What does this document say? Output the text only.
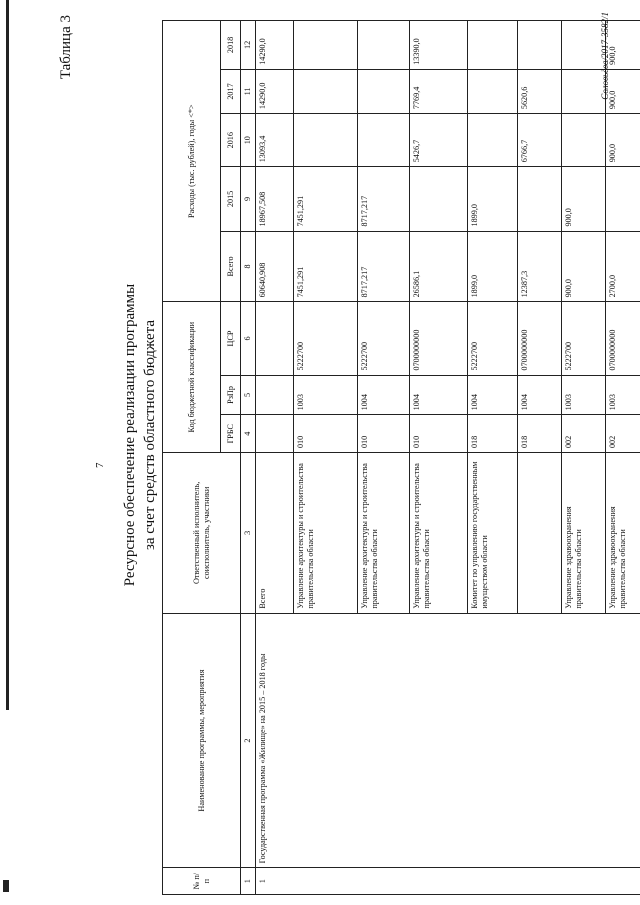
7
Таблица 3
Ресурсное обеспечение реализации программы за счет средств областного бюджета
№ п/п	Наименование программы, мероприятия	Ответственный исполнитель, соисполнитель, участники	Код бюджетной классификации			Расходы (тыс. рублей), годы <*>				
			ГРБС	РзПр	ЦСР	Всего	2015	2016	2017	2018
1	2	3	4	5	6	8	9	10	11	12
1	Государственная программа «Жилище» на 2015 – 2018 годы	Всего				60640,908	18967,508	13093,4	14290,0	14290,0
		Управление архитектуры и строительства правительства области	010	1003	5222700	7451,291	7451,291			
		Управление архитектуры и строительства правительства области	010	1004	5222700	8717,217	8717,217			
		Управление архитектуры и строительства правительства области	010	1004	0700000000	26586,1		5426,7	7769,4	13390,0
		Комитет по управлению государственным имуществом области	018	1004	5222700	1899,0	1899,0			
			018	1004	0700000000	12387,3		6766,7	5620,6	
		Управление здравоохранения правительства области	002	1003	5222700	900,0	900,0			
		Управление здравоохранения правительства области	002	1003	0700000000	2700,0		900,0	900,0	900,0
Соловьёва/2017-3582/1
